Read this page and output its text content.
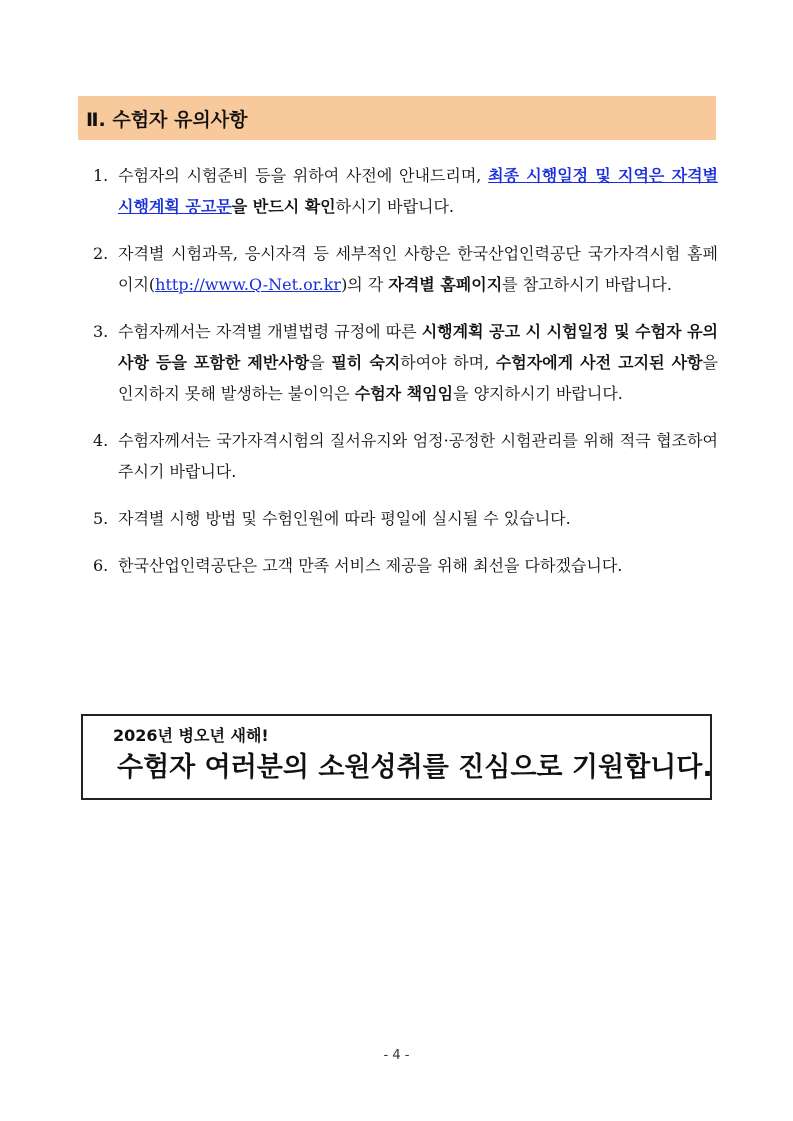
Ⅱ. 수험자 유의사항
1. 수험자의 시험준비 등을 위하여 사전에 안내드리며, 최종 시행일정 및 지역은 자격별 시행계획 공고문을 반드시 확인하시기 바랍니다.
2. 자격별 시험과목, 응시자격 등 세부적인 사항은 한국산업인력공단 국가자격시험 홈페이지(http://www.Q-Net.or.kr)의 각 자격별 홈페이지를 참고하시기 바랍니다.
3. 수험자께서는 자격별 개별법령 규정에 따른 시행계획 공고 시 시험일정 및 수험자 유의사항 등을 포함한 제반사항을 필히 숙지하여야 하며, 수험자에게 사전 고지된 사항을 인지하지 못해 발생하는 불이익은 수험자 책임임을 양지하시기 바랍니다.
4. 수험자께서는 국가자격시험의 질서유지와 엄정·공정한 시험관리를 위해 적극 협조하여 주시기 바랍니다.
5. 자격별 시행 방법 및 수험인원에 따라 평일에 실시될 수 있습니다.
6. 한국산업인력공단은 고객 만족 서비스 제공을 위해 최선을 다하겠습니다.
2026년 병오년 새해!
수험자 여러분의 소원성취를 진심으로 기원합니다.
- 4 -
